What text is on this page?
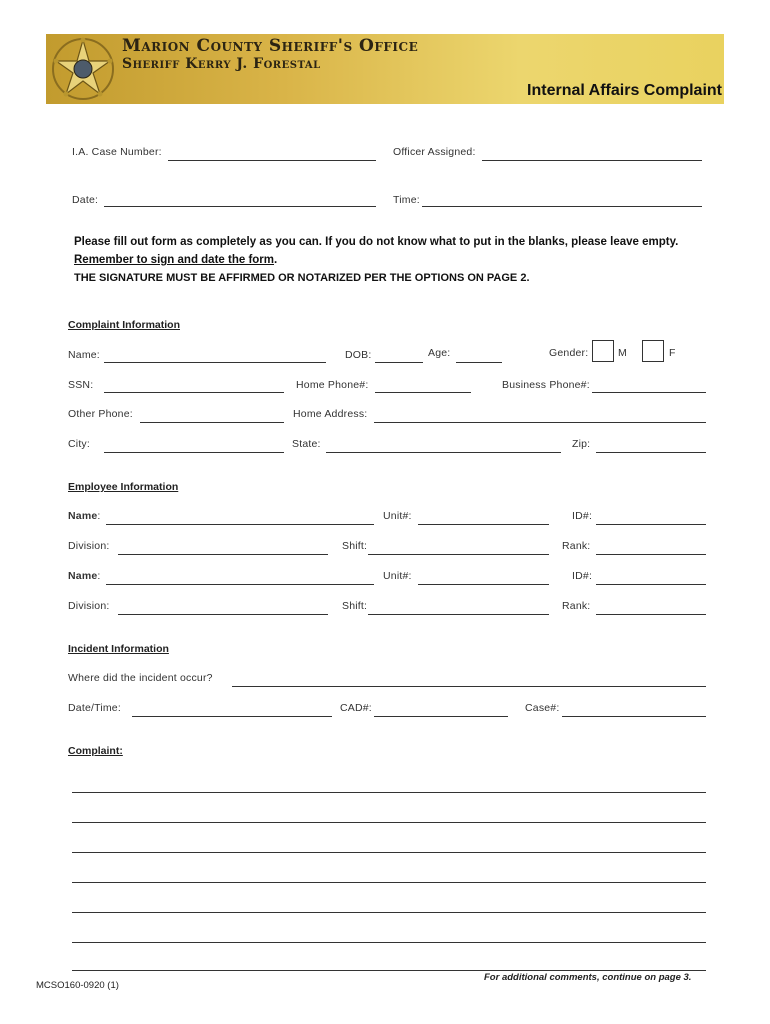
Marion County Sheriff's Office
Sheriff Kerry J. Forestal
Internal Affairs Complaint
I.A. Case Number:	Officer Assigned:
Date:	Time:
Please fill out form as completely as you can. If you do not know what to put in the blanks, please leave empty.
Remember to sign and date the form.
THE SIGNATURE MUST BE AFFIRMED OR NOTARIZED PER THE OPTIONS ON PAGE 2.
Complaint Information
Name:	DOB:	Age:	Gender:	M	F
SSN:	Home Phone#:	Business Phone#:
Other Phone:	Home Address:
City:	State:	Zip:
Employee Information
Name:	Unit#:	ID#:
Division:	Shift:	Rank:
Name:	Unit#:	ID#:
Division:	Shift:	Rank:
Incident Information
Where did the incident occur?
Date/Time:	CAD#:	Case#:
Complaint:
For additional comments, continue on page 3.
MCSO160-0920 (1)
